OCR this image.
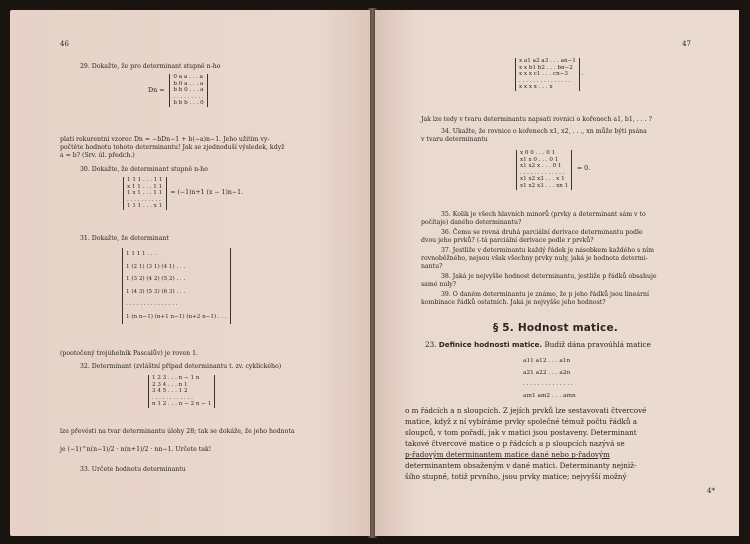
46
29. Dokažte, že pro determinant stupně n-ho
Dn =
0 a a . . . a
b 0 a . . . a
b b 0 . . . a
. . . . . . . . .
b b b . . . 0
platí rekurentní vzorec Dn = −bDn−1 + b(−a)n−1. Jeho užitím vy-
počtěte hodnotu tohoto determinantu! Jak se zjednoduší výsledek, když
a = b? (Srv. úl. předch.)
30. Dokažte, že determinant stupně n-ho
1 1 1 . . . 1 1
x 1 1 . . . 1 1
1 x 1 . . . 1 1
. . . . . . . . . .
1 1 1 . . . x 1
= (−1)n+1 (x − 1)n−1.
31. Dokažte, že determinant
1 1 1 1 . . .
1 (2 1) (3 1) (4 1) . . .
1 (3 2) (4 2) (5 2) . . .
1 (4 3) (5 3) (6 3) . . .
. . . . . . . . . . . . . . .
1 (n n−1) (n+1 n−1) (n+2 n−1) . . .
(pootočený trojúhelník Pascalův) je roven 1.
32. Determinant (zvláštní případ determinantu t. zv. cyklického)
1 2 3 . . . n − 1 n
2 3 4 . . . n 1
3 4 5 . . . 1 2
. . . . . . . . . . . .
n 1 2 . . . n − 2 n − 1
lze převésti na tvar determinantu úlohy 28; tak se dokáže, že jeho hodnota
je (−1)^n(n−1)/2 · n(n+1)/2 · nn−1. Určete tak!
33. Určete hodnotu determinantu
47
x a1 a2 a3 . . . an−1
x x b1 b2 . . . bn−2
x x x c1 . . . cn−3
. . . . . . . . . . . . . . .
x x x x . . . x
.
Jak lze tedy v tvaru determinantu napsati rovnici o kořenech a1, b1, . . . ?
34. Ukažte, že rovnice o kořenech x1, x2, . . ., xn může býti psána
v tvaru determinantu
x 0 0 . . . 0 1
x1 x 0 . . . 0 1
x1 x2 x . . . 0 1
. . . . . . . . . . . . .
x1 x2 x3 . . . x 1
x1 x2 x3 . . . xn 1
= 0.
35. Kolik je všech hlavních minorů (prvky a determinant sám v to
počítaje) daného determinantu?
36. Čemu se rovná druhá parciální derivace determinantu podle
dvou jeho prvků? (-tá parciální derivace podle r prvků?
37. Jestliže v determinantu každý řádek je násobkem každého s ním
rovnoběžného, nejsou však všechny prvky nuly, jaká je hodnota determi-
nantu?
38. Jaká je nejvyšše hodnost determinantu, jestliže p řádků obsahuje
samé nuly?
39. O daném determinantu je známo, že p jeho řádků jsou lineární
kombinace řádků ostatních. Jaká je nejvyšše jeho hodnost?
§ 5. Hodnost matice.
23. Definice hodnosti matice. Budiž dána pravoúhlá matice
a11 a12 . . . a1n
a21 a22 . . . a2n
. . . . . . . . . . . . . .
am1 am2 . . . amn
o m řádcích a n sloupcích. Z jejích prvků lze sestavovati čtvercové
matice, když z ní vybíráme prvky společné témuž počtu řádků a
sloupců, v tom pořadí, jak v matici jsou postaveny. Determinant
takové čtvercové matice o p řádcích a p sloupcích nazývá se
p-řadovým determinantem matice dané nebo p-řadovým
determinantem obsaženým v dané matici. Determinanty nejniž-
šího stupně, totiž prvního, jsou prvky matice; nejvyšší možný
4*
